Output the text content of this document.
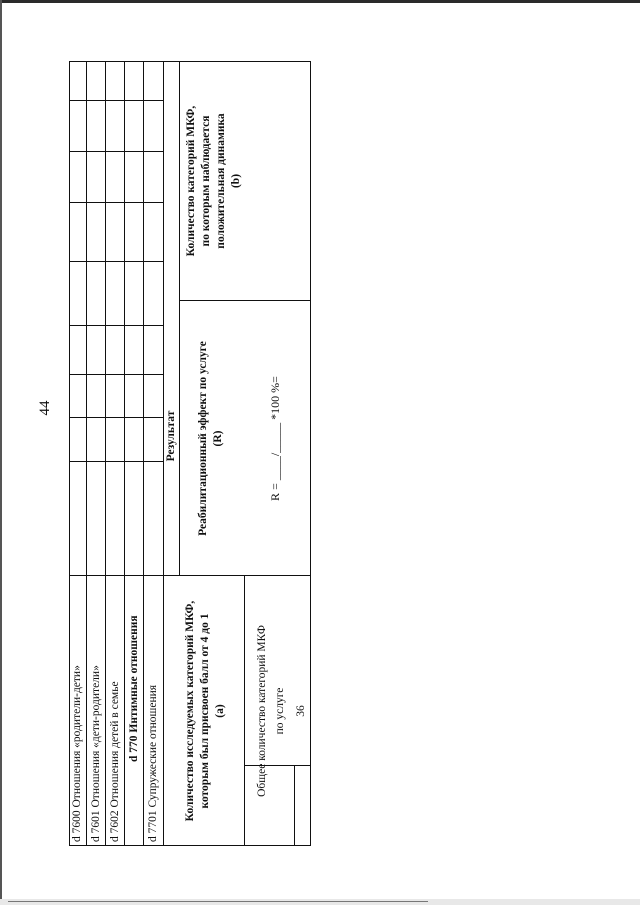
44
d 7600 Отношения «родители-дети» d 7601 Отношения «дети-родители» d 7602 Отношения детей в семье d 770 Интимные отношения d 7701 Супружеские отношения
Результат
Количество исследуемых категорий МКФ, которым был присвоен балл от 4 до 1 (a)
Реабилитационный эффект по услуге (R)
Количество категорий МКФ, по которым наблюдается положительная динамика (b)
R = ____/_____ *100 %=
Общее количество категорий МКФ по услуге 36
